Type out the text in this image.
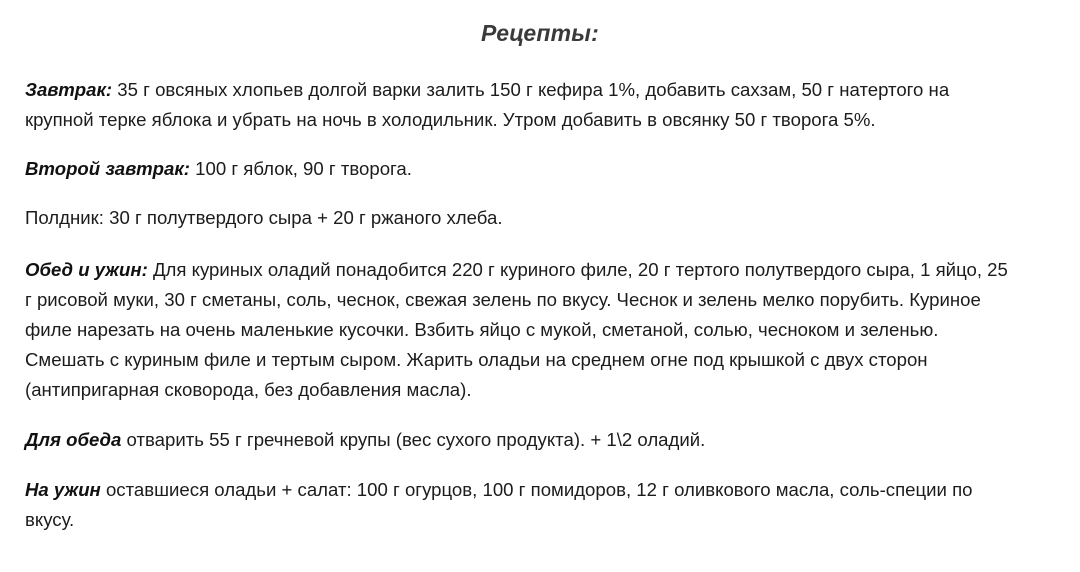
Рецепты:
Завтрак: 35 г овсяных хлопьев долгой варки залить 150 г кефира 1%, добавить сахзам, 50 г натертого на крупной терке яблока и убрать на ночь в холодильник. Утром добавить в овсянку 50 г творога 5%.
Второй завтрак: 100 г яблок, 90 г творога.
Полдник: 30 г полутвердого сыра + 20 г ржаного хлеба.
Обед и ужин: Для куриных оладий понадобится 220 г куриного филе, 20 г тертого полутвердого сыра, 1 яйцо, 25 г рисовой муки, 30 г сметаны, соль, чеснок, свежая зелень по вкусу. Чеснок и зелень мелко порубить. Куриное филе нарезать на очень маленькие кусочки. Взбить яйцо с мукой, сметаной, солью, чесноком и зеленью. Смешать с куриным филе и тертым сыром. Жарить оладьи на среднем огне под крышкой с двух сторон (антипригарная сковорода, без добавления масла).
Для обеда отварить 55 г гречневой крупы (вес сухого продукта). + 1\2 оладий.
На ужин оставшиеся оладьи + салат: 100 г огурцов, 100 г помидоров, 12 г оливкового масла, соль-специи по вкусу.
